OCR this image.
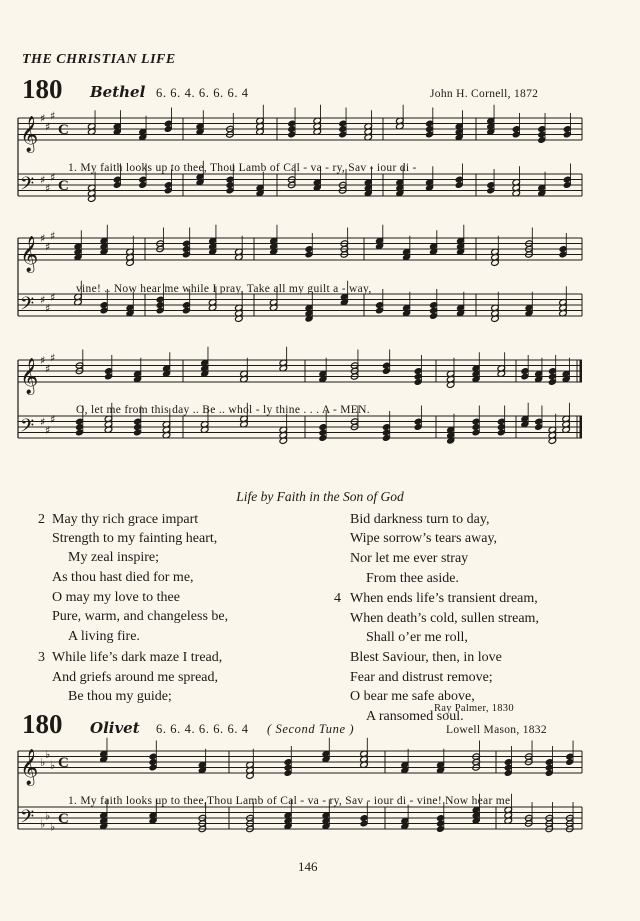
THE CHRISTIAN LIFE
180 Bethel 6. 6. 4. 6. 6. 6. 4	John H. Cornell, 1872
𝄞 ♯
♯
♯
C
𝄢 ♯
♯
♯
C
𝄞 ♯
♯
♯
𝄢 ♯
♯
♯
𝄞 ♯
♯
♯
𝄢 ♯
♯
♯
𝄞 ♭
♭
♭ C
𝄢 ♭
♭
♭ C
1. My faith looks up to thee, Thou Lamb of Cal - va - ry, Sav - iour di -
vine! .. Now hear me while I pray, Take all my guilt a - way,
O, let me from this day .. Be .. whol - ly thine . . . A - MEN.
Life by Faith in the Son of God
2 May thy rich grace impart
Strength to my fainting heart,
My zeal inspire;
As thou hast died for me,
O may my love to thee
Pure, warm, and changeless be,
A living fire.
3 While life’s dark maze I tread,
And griefs around me spread,
Be thou my guide;
Bid darkness turn to day,
Wipe sorrow’s tears away,
Nor let me ever stray
From thee aside.
4 When ends life’s transient dream,
When death’s cold, sullen stream,
Shall o’er me roll,
Blest Saviour, then, in love
Fear and distrust remove;
O bear me safe above,
A ransomed soul.
Ray Palmer, 1830
180 Olivet 6. 6. 4. 6. 6. 6. 4 ( Second Tune )	Lowell Mason, 1832
1. My faith looks up to thee,Thou Lamb of Cal - va - ry, Sav - iour di - vine! Now hear me
146
